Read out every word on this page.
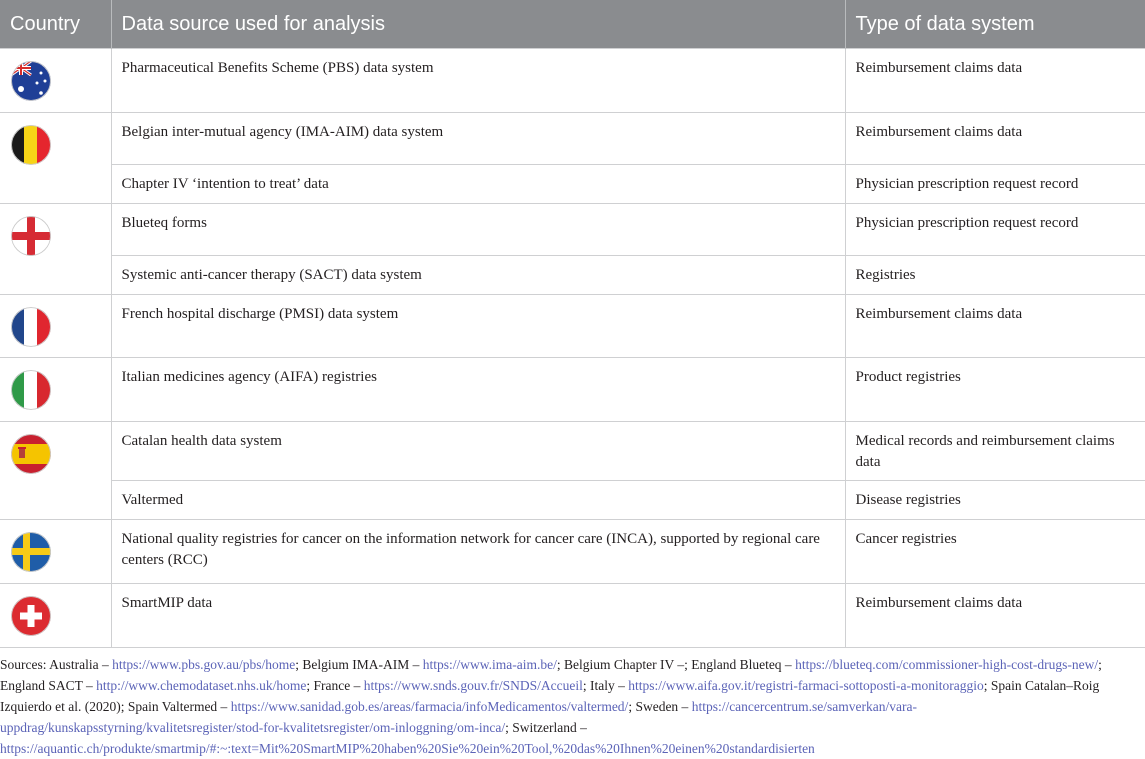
Country	Data source used for analysis	Type of data system

	Pharmaceutical Benefits Scheme (PBS) data system	Reimbursement claims data

	Belgian inter-mutual agency (IMA-AIM) data system	Reimbursement claims data
	Chapter IV ‘intention to treat’ data	Physician prescription request record

	Blueteq forms	Physician prescription request record
	Systemic anti-cancer therapy (SACT) data system	Registries

	French hospital discharge (PMSI) data system	Reimbursement claims data

	Italian medicines agency (AIFA) registries	Product registries

	Catalan health data system	Medical records and reimbursement claims data
	Valtermed	Disease registries

	National quality registries for cancer on the information network for cancer care (INCA), supported by regional care centers (RCC)	Cancer registries

	SmartMIP data	Reimbursement claims data

Sources: Australia – https://www.pbs.gov.au/pbs/home; Belgium IMA-AIM – https://www.ima-aim.be/; Belgium Chapter IV –; England Blueteq – https://blueteq.com/commissioner-high-cost-drugs-new/; England SACT – http://www.chemodataset.nhs.uk/home; France – https://www.snds.gouv.fr/SNDS/Accueil; Italy – https://www.aifa.gov.it/registri-farmaci-sottoposti-a-monitoraggio; Spain Catalan–Roig Izquierdo et al. (2020); Spain Valtermed – https://www.sanidad.gob.es/areas/farmacia/infoMedicamentos/valtermed/; Sweden – https://cancercentrum.se/samverkan/vara-uppdrag/kunskapsstyrning/kvalitetsregister/stod-for-kvalitetsregister/om-inloggning/om-inca/; Switzerland – https://aquantic.ch/produkte/smartmip/#:~:text=Mit%20SmartMIP%20haben%20Sie%20ein%20Tool,%20das%20Ihnen%20einen%20standardisierten
